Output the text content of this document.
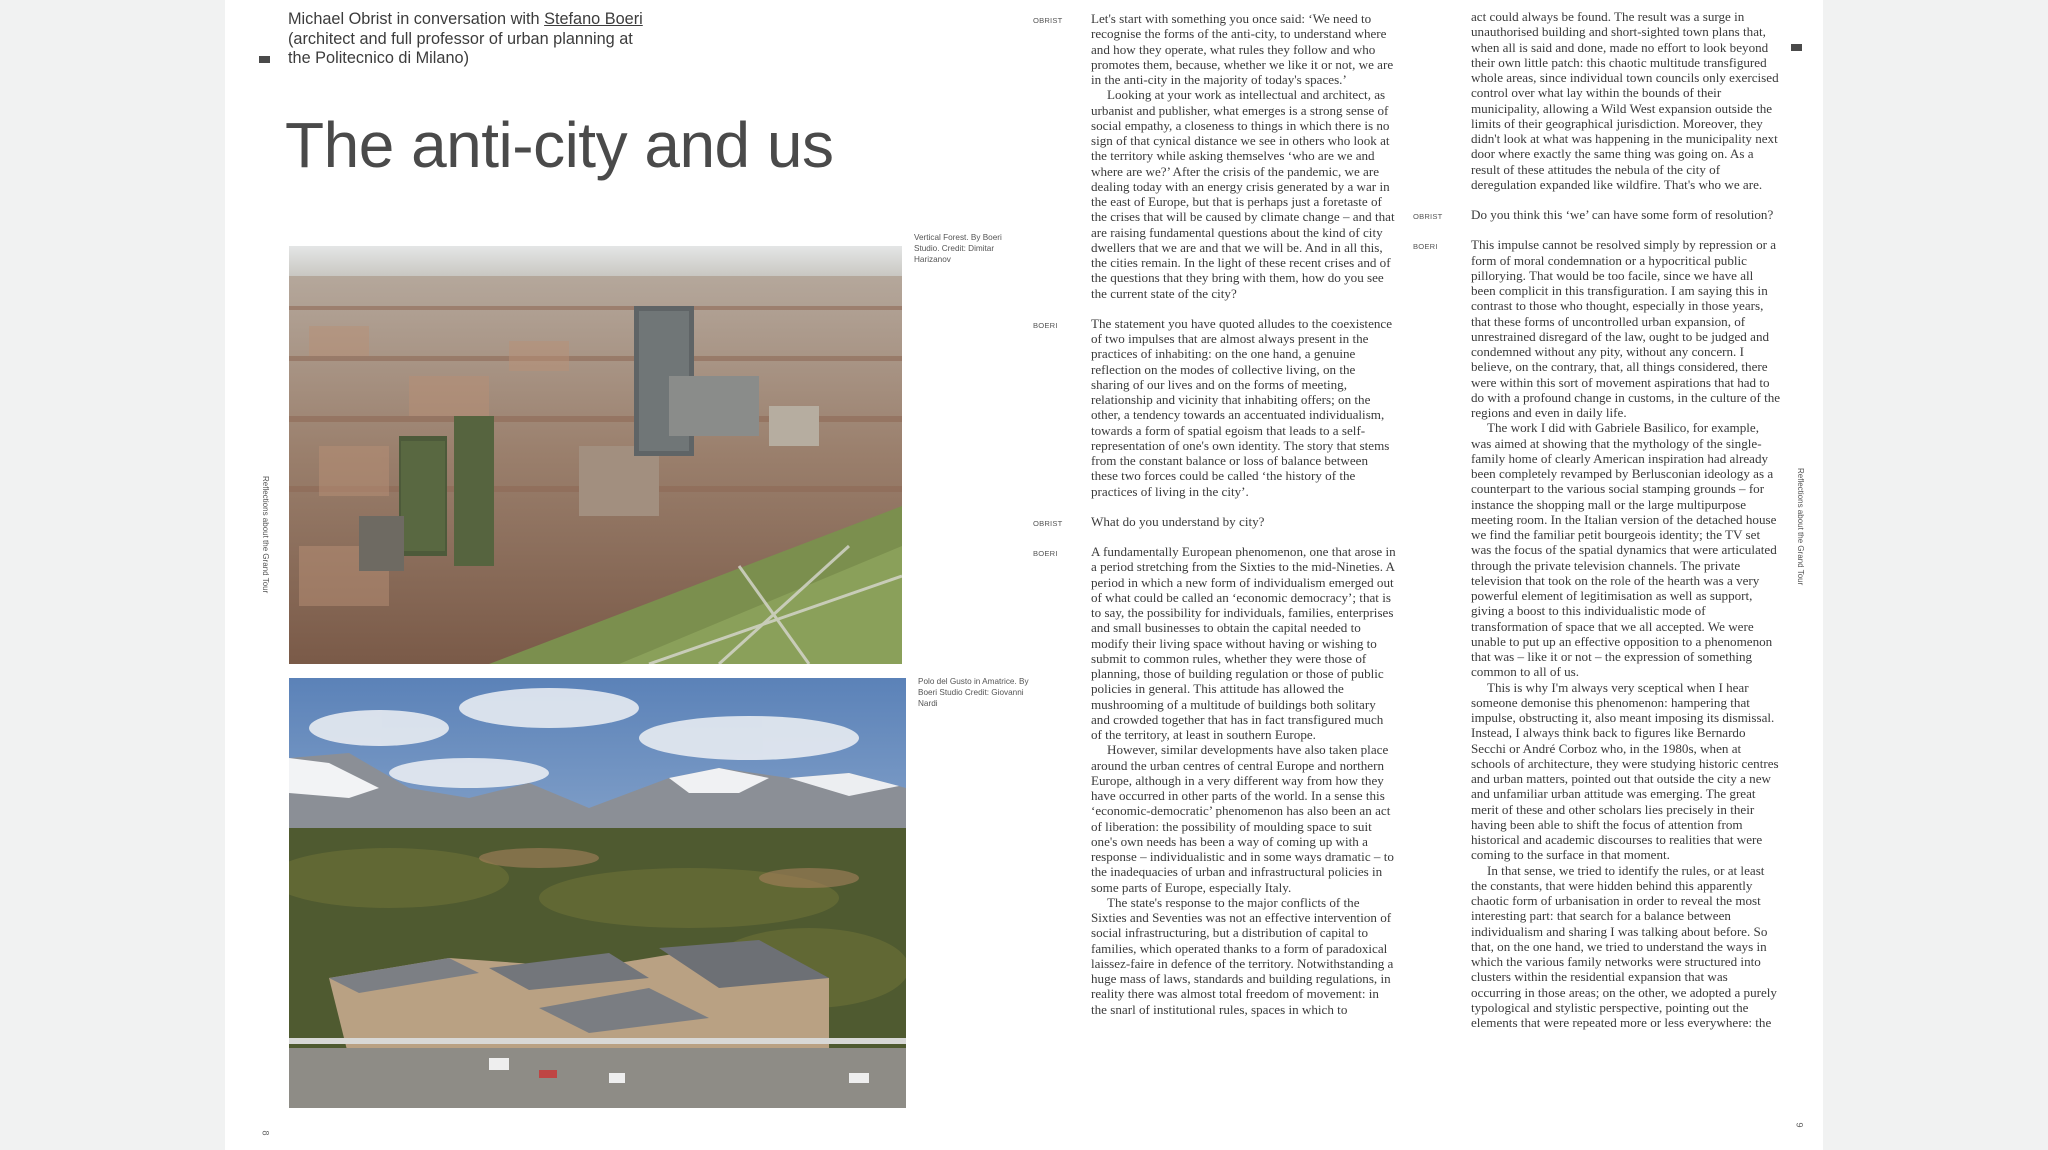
Michael Obrist in conversation with Stefano Boeri
(architect and full professor of urban planning at
the Politecnico di Milano)
The anti-city and us
Vertical Forest. By Boeri Studio. Credit: Dimitar Harizanov
Polo del Gusto in Amatrice. By Boeri Studio Credit: Giovanni Nardi
Reflections about the Grand Tour	Reflections about the Grand Tour
8
9
OBRIST Let's start with something you once said: ‘We need to recognise the forms of the anti-city, to understand where and how they operate, what rules they follow and who promotes them, because, whether we like it or not, we are in the anti-city in the majority of today's spaces.’

Looking at your work as intellectual and architect, as urbanist and publisher, what emerges is a strong sense of social empathy, a closeness to things in which there is no sign of that cynical distance we see in others who look at the territory while asking themselves ‘who are we and where are we?’ After the crisis of the pandemic, we are dealing today with an energy crisis generated by a war in the east of Europe, but that is perhaps just a foretaste of the crises that will be caused by climate change – and that are raising fundamental questions about the kind of city dwellers that we are and that we will be. And in all this, the cities remain. In the light of these recent crises and of the questions that they bring with them, how do you see the current state of the city?

BOERI	The statement you have quoted alludes to the coexistence of two impulses that are almost always present in the practices of inhabiting: on the one hand, a genuine reflection on the modes of collective living, on the sharing of our lives and on the forms of meeting, relationship and vicinity that inhabiting offers; on the other, a tendency towards an accentuated individualism, towards a form of spatial egoism that leads to a self-representation of one's own identity. The story that stems from the constant balance or loss of balance between these two forces could be called ‘the history of the practices of living in the city’.

OBRIST What do you understand by city?

BOERI	A fundamentally European phenomenon, one that arose in a period stretching from the Sixties to the mid-Nineties. A period in which a new form of individualism emerged out of what could be called an ‘economic democracy’; that is to say, the possibility for individuals, families, enterprises and small businesses to obtain the capital needed to modify their living space without having or wishing to submit to common rules, whether they were those of planning, those of building regulation or those of public policies in general. This attitude has allowed the mushrooming of a multitude of buildings both solitary and crowded together that has in fact transfigured much of the territory, at least in southern Europe.

However, similar developments have also taken place around the urban centres of central Europe and northern Europe, although in a very different way from how they have occurred in other parts of the world. In a sense this ‘economic-democratic’ phenomenon has also been an act of liberation: the possibility of moulding space to suit one's own needs has been a way of coming up with a response – individualistic and in some ways dramatic – to the inadequacies of urban and infrastructural policies in some parts of Europe, especially Italy.

The state's response to the major conflicts of the Sixties and Seventies was not an effective intervention of social infrastructuring, but a distribution of capital to families, which operated thanks to a form of paradoxical laissez-faire in defence of the territory. Notwithstanding a huge mass of laws, standards and building regulations, in reality there was almost total freedom of movement: in the snarl of institutional rules, spaces in which to

act could always be found. The result was a surge in unauthorised building and short-sighted town plans that, when all is said and done, made no effort to look beyond their own little patch: this chaotic multitude transfigured whole areas, since individual town councils only exercised control over what lay within the bounds of their municipality, allowing a Wild West expansion outside the limits of their geographical jurisdiction. Moreover, they didn't look at what was happening in the municipality next door where exactly the same thing was going on. As a result of these attitudes the nebula of the city of deregulation expanded like wildfire. That's who we are.

OBRIST Do you think this ‘we’ can have some form of resolution?

BOERI	This impulse cannot be resolved simply by repression or a form of moral condemnation or a hypocritical public pillorying. That would be too facile, since we have all been complicit in this transfiguration. I am saying this in contrast to those who thought, especially in those years, that these forms of uncontrolled urban expansion, of unrestrained disregard of the law, ought to be judged and condemned without any pity, without any concern. I believe, on the contrary, that, all things considered, there were within this sort of movement aspirations that had to do with a profound change in customs, in the culture of the regions and even in daily life.

The work I did with Gabriele Basilico, for example, was aimed at showing that the mythology of the single-family home of clearly American inspiration had already been completely revamped by Berlusconian ideology as a counterpart to the various social stamping grounds – for instance the shopping mall or the large multipurpose meeting room. In the Italian version of the detached house we find the familiar petit bourgeois identity; the TV set was the focus of the spatial dynamics that were articulated through the private television channels. The private television that took on the role of the hearth was a very powerful element of legitimisation as well as support, giving a boost to this individualistic mode of transformation of space that we all accepted. We were unable to put up an effective opposition to a phenomenon that was – like it or not – the expression of something common to all of us.

This is why I'm always very sceptical when I hear someone demonise this phenomenon: hampering that impulse, obstructing it, also meant imposing its dismissal. Instead, I always think back to figures like Bernardo Secchi or André Corboz who, in the 1980s, when at schools of architecture, they were studying historic centres and urban matters, pointed out that outside the city a new and unfamiliar urban attitude was emerging. The great merit of these and other scholars lies precisely in their having been able to shift the focus of attention from historical and academic discourses to realities that were coming to the surface in that moment.

In that sense, we tried to identify the rules, or at least the constants, that were hidden behind this apparently chaotic form of urbanisation in order to reveal the most interesting part: that search for a balance between individualism and sharing I was talking about before. So that, on the one hand, we tried to understand the ways in which the various family networks were structured into clusters within the residential expansion that was occurring in those areas; on the other, we adopted a purely typological and stylistic perspective, pointing out the elements that were repeated more or less everywhere: the
